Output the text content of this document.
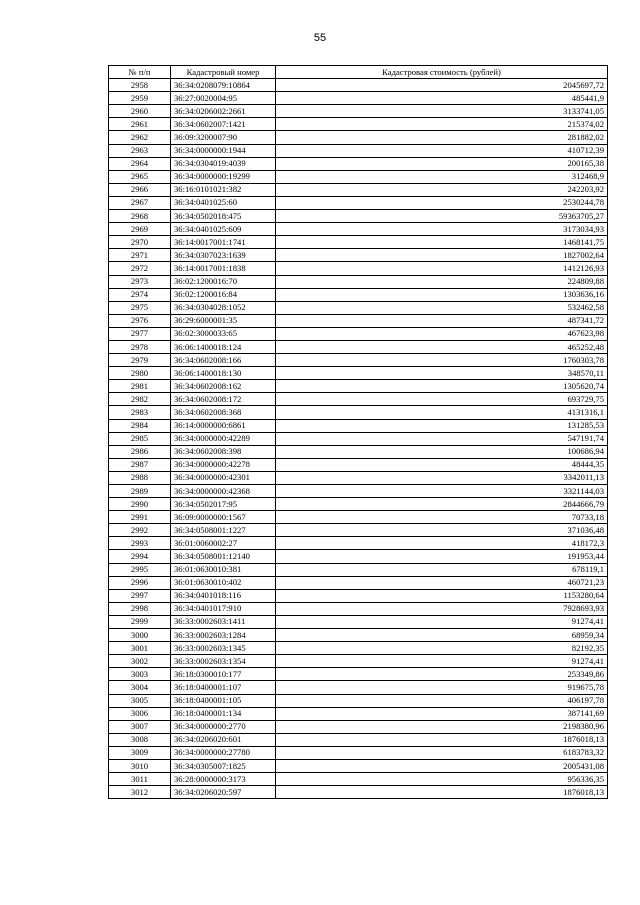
55
№ п/п	Кадастровый номер	Кадастровая стоимость (рублей)
2958	36:34:0208079:10864	2045697,72
2959	36:27:0020004:95	485441,9
2960	36:34:0206002:2661	3133741,05
2961	36:34:0602007:1421	215374,02
2962	36:09:3200007:90	281882,02
2963	36:34:0000000:1944	410712,39
2964	36:34:0304019:4039	200165,38
2965	36:34:0000000:19299	312468,9
2966	36:16:0101021:382	242203,92
2967	36:34:0401025:60	2530244,78
2968	36:34:0502018:475	59363705,27
2969	36:34:0401025:609	3173034,93
2970	36:14:0017001:1741	1468141,75
2971	36:34:0307023:1639	1827002,64
2972	36:14:0017001:1838	1412126,93
2973	36:02:1200016:70	224809,88
2974	36:02:1200016:84	1303636,16
2975	36:34:0304028:1052	532462,58
2976	36:29:6000001:35	487341,72
2977	36:02:3000033:65	467623,98
2978	36:06:1400018:124	465252,48
2979	36:34:0602008:166	1760303,78
2980	36:06:1400018:130	348570,11
2981	36:34:0602008:162	1305620,74
2982	36:34:0602008:172	693729,75
2983	36:34:0602008:368	4131316,1
2984	36:14:0000000:6861	131285,53
2985	36:34:0000000:42289	547191,74
2986	36:34:0602008:398	100686,94
2987	36:34:0000000:42278	48444,35
2988	36:34:0000000:42301	3342011,13
2989	36:34:0000000:42368	3321144,03
2990	36:34:0502017:95	2844666,79
2991	36:09:0000000:1567	70733,18
2992	36:34:0508001:1227	371036,48
2993	36:01:0060002:27	418172,3
2994	36:34:0508001:12140	191953,44
2995	36:01:0630010:381	678119,1
2996	36:01:0630010:402	460721,23
2997	36:34:0401018:116	1153280,64
2998	36:34:0401017:910	7928693,93
2999	36:33:0002603:1411	91274,41
3000	36:33:0002603:1284	68959,34
3001	36:33:0002603:1345	82192,35
3002	36:33:0002603:1354	91274,41
3003	36:18:0300010:177	253349,86
3004	36:18:0400001:107	919675,78
3005	36:18:0400001:105	406197,78
3006	36:18:0400001:134	387141,69
3007	36:34:0000000:2770	2198380,96
3008	36:34:0206020:601	1876018,13
3009	36:34:0000000:27780	6183783,32
3010	36:34:0305007:1825	2005431,08
3011	36:28:0000000:3173	956336,35
3012	36:34:0206020:597	1876018,13
